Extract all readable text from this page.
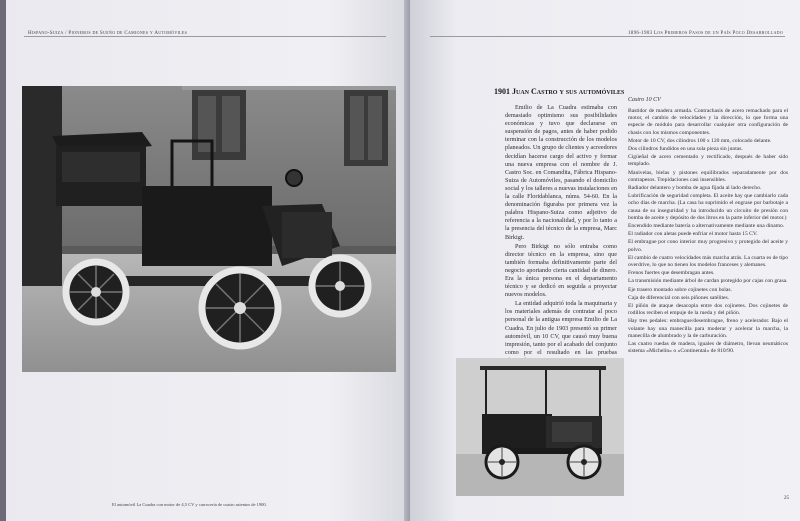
Hispano-Suiza / Pioneros de Sueño de Camiones y Automóviles
El automóvil La Cuadra con motor de 4,5 CV y carrocería de cuatro asientos de 1900.
1896-1903 Los Primeros Pasos de un País Poco Desarrollado
1901 Juan Castro y sus automóviles
Castro 10 CV

Emilio de La Cuadra estimaba con demasiado optimismo sus posibilidades económicas y tuvo que declararse en suspensión de pagos, antes de haber podido terminar con la construcción de los modelos planeados. Un grupo de clientes y acreedores decidían hacerse cargo del activo y formar una nueva empresa con el nombre de J. Castro Soc. en Comandita, Fábrica Hispano-Suiza de Automóviles, pasando el domicilio social y los talleres a nuevas instalaciones en la calle Floridablanca, núms. 54-60. En la denominación figuraba por primera vez la palabra Hispano-Suiza como adjetivo de referencia a la nacionalidad, y por lo tanto a la presencia del técnico de la empresa, Marc Birkigt.

Pero Birkigt no sólo entraba como director técnico en la empresa, sino que también formaba definitivamente parte del negocio aportando cierta cantidad de dinero. Era la única persona en el departamento técnico y se dedicó en seguida a proyectar nuevos modelos.

La entidad adquirió toda la maquinaria y los materiales además de contratar al poco personal de la antigua empresa Emilio de La Cuadra. En julio de 1903 presentó su primer automóvil, un 10 CV, que causó muy buena impresión, tanto por el acabado del conjunto como por el resultado en las pruebas

Bastidor de madera armada. Contrachasis de acero remachado para el motor, el cambio de velocidades y la dirección, lo que forma una especie de módulo para desarrollar cualquier otra configuración de chasis con los mismos componentes.

Motor de 10 CV, dos cilindros 100 x 120 mm, colocado delante.

Dos cilindros fundidos en una sola pieza sin juntas.

Cigüeñal de acero cementado y rectificado, después de haber sido templado.

Manivelas, bielas y pistones equilibrados separadamente por dos contrapesos. Trepidaciones casi insensibles.

Radiador delantero y bomba de agua fijada al lado derecho.

Lubrificación de seguridad completa. El aceite hay que cambiarlo cada ocho días de marcha. (La casa ha suprimido el engrase por barbotaje a causa de su inseguridad y ha introducido un circuito de presión con bomba de aceite y depósito de dos litros en la parte inferior del motor.)

Encendido mediante batería o alternativamente mediante una dinamo.

El radiador con aletas puede enfriar el motor hasta 15 CV.

El embrague por cono interior muy progresivo y protegido del aceite y polvo.

El cambio de cuatro velocidades más marcha atrás. La cuarta es de tipo overdrive, lo que no tienen los modelos franceses y alemanes.

Frenos fuertes que desembragan antes.

La transmisión mediante árbol de cardan protegido por cajas con grasa.

Eje trasero montado sobre cojinetes con bolas.

Caja de diferencial con seis piñones satélites.

El piñón de ataque desacopla entre dos cojinetes. Dos cojinetes de rodillos reciben el empuje de la rueda y del piñón.

Hay tres pedales: embrague/desembrague, freno y acelerador. Bajo el volante hay una manecilla para moderar y acelerar la marcha, la manecilla de alumbrado y la de carburación.

Las cuatro ruedas de madera, iguales de diámetro, llevan neumáticos sistema «Michelin» o «Continental» de 810/90.

25
